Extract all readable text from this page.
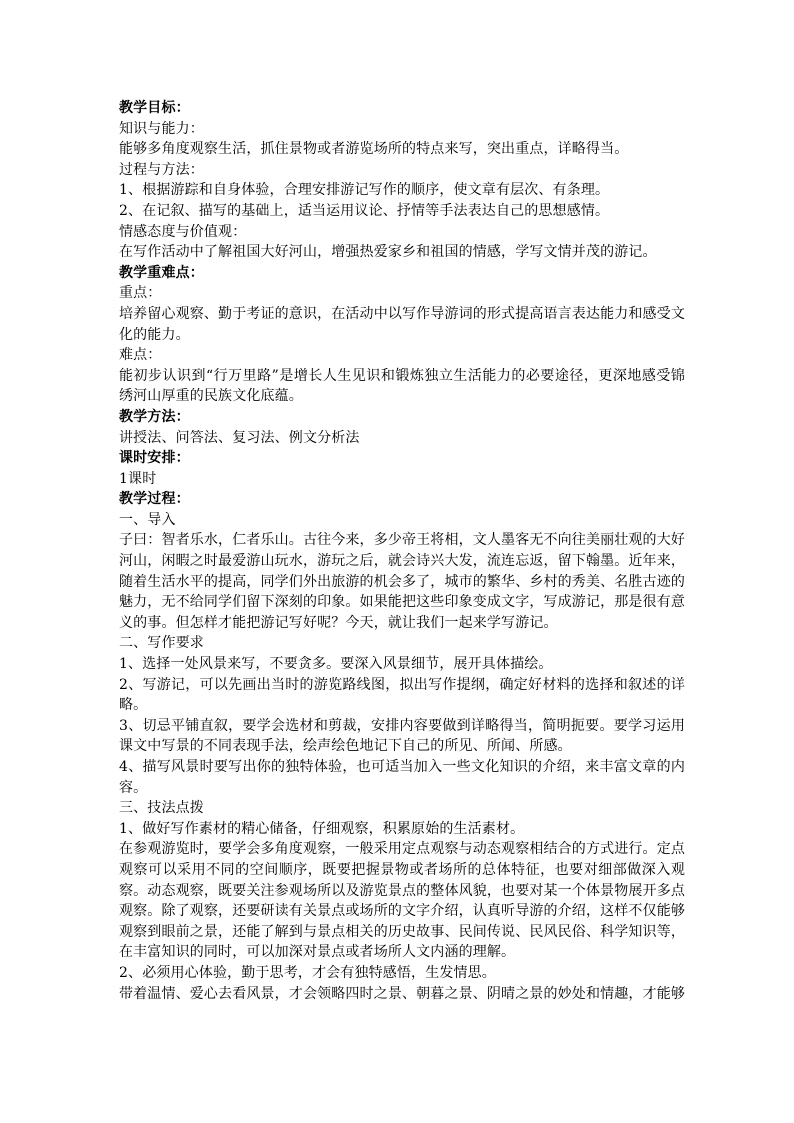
教学目标：
知识与能力：
能够多角度观察生活，抓住景物或者游览场所的特点来写，突出重点，详略得当。
过程与方法：
1、根据游踪和自身体验，合理安排游记写作的顺序，使文章有层次、有条理。
2、在记叙、描写的基础上，适当运用议论、抒情等手法表达自己的思想感情。
情感态度与价值观：
在写作活动中了解祖国大好河山，增强热爱家乡和祖国的情感，学写文情并茂的游记。
教学重难点：
重点：
培养留心观察、勤于考证的意识，在活动中以写作导游词的形式提高语言表达能力和感受文化的能力。
难点：
能初步认识到“行万里路”是增长人生见识和锻炼独立生活能力的必要途径，更深地感受锦绣河山厚重的民族文化底蕴。
教学方法：
讲授法、问答法、复习法、例文分析法
课时安排：
1课时
教学过程：
一、导入
子曰：智者乐水，仁者乐山。古往今来，多少帝王将相，文人墨客无不向往美丽壮观的大好河山，闲暇之时最爱游山玩水，游玩之后，就会诗兴大发，流连忘返，留下翰墨。近年来，随着生活水平的提高，同学们外出旅游的机会多了，城市的繁华、乡村的秀美、名胜古迹的魅力，无不给同学们留下深刻的印象。如果能把这些印象变成文字，写成游记，那是很有意义的事。但怎样才能把游记写好呢？今天，就让我们一起来学写游记。
二、写作要求
1、选择一处风景来写，不要贪多。要深入风景细节，展开具体描绘。
2、写游记，可以先画出当时的游览路线图，拟出写作提纲，确定好材料的选择和叙述的详略。
3、切忌平铺直叙，要学会选材和剪裁，安排内容要做到详略得当，简明扼要。要学习运用课文中写景的不同表现手法，绘声绘色地记下自己的所见、所闻、所感。
4、描写风景时要写出你的独特体验，也可适当加入一些文化知识的介绍，来丰富文章的内容。
三、技法点拨
1、做好写作素材的精心储备，仔细观察，积累原始的生活素材。
在参观游览时，要学会多角度观察，一般采用定点观察与动态观察相结合的方式进行。定点观察可以采用不同的空间顺序，既要把握景物或者场所的总体特征，也要对细部做深入观察。动态观察，既要关注参观场所以及游览景点的整体风貌，也要对某一个体景物展开多点观察。除了观察，还要研读有关景点或场所的文字介绍，认真听导游的介绍，这样不仅能够观察到眼前之景，还能了解到与景点相关的历史故事、民间传说、民风民俗、科学知识等，在丰富知识的同时，可以加深对景点或者场所人文内涵的理解。
2、必须用心体验，勤于思考，才会有独特感悟，生发情思。
带着温情、爱心去看风景，才会领略四时之景、朝暮之景、阴晴之景的妙处和情趣，才能够
